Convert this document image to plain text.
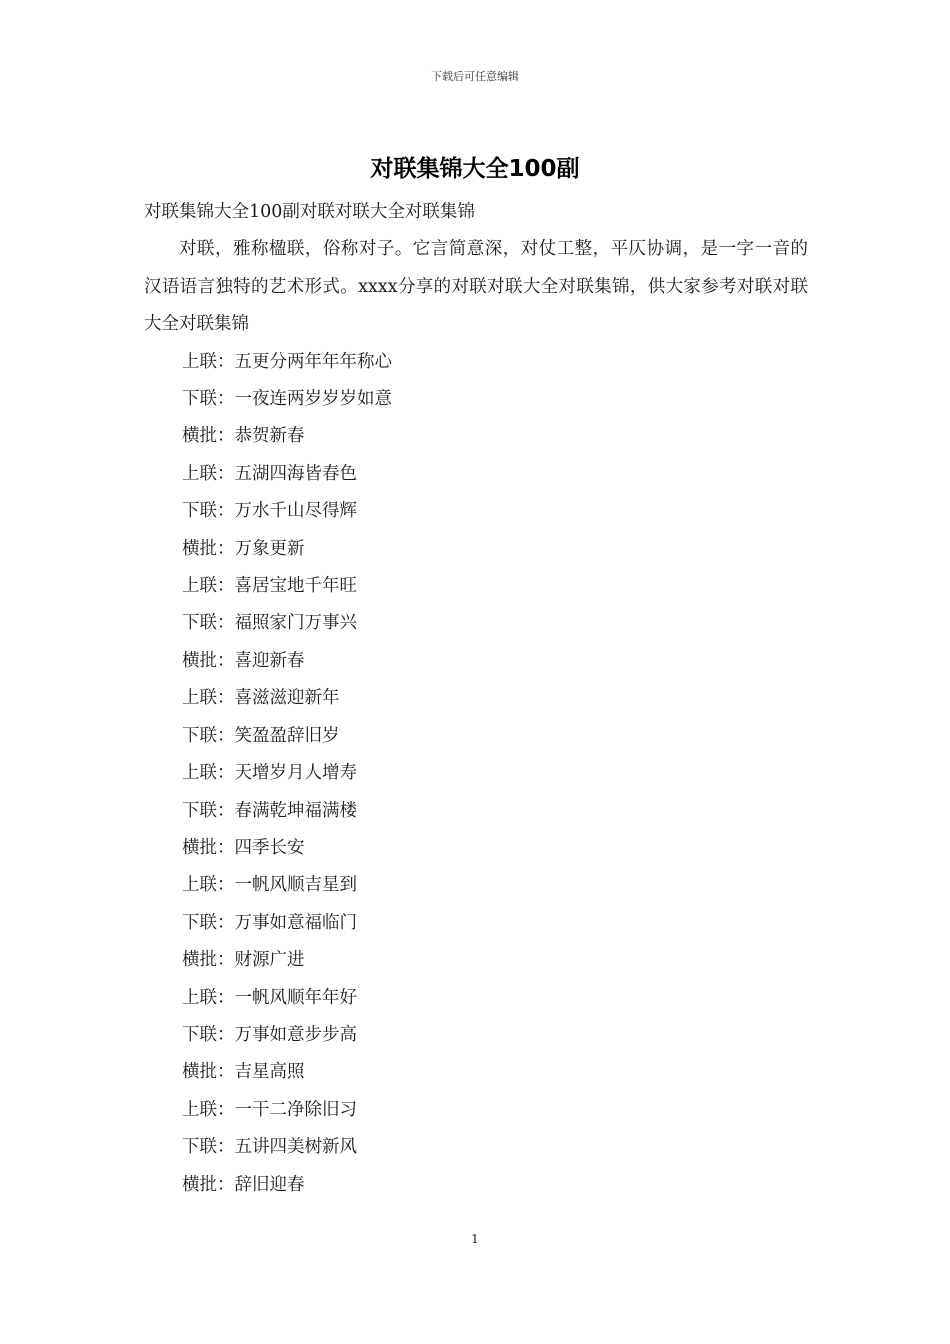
下载后可任意编辑
对联集锦大全100副

对联集锦大全100副对联对联大全对联集锦

对联，雅称楹联，俗称对子。它言简意深，对仗工整，平仄协调，是一字一音的汉语语言独特的艺术形式。xxxx分享的对联对联大全对联集锦，供大家参考对联对联大全对联集锦

上联：五更分两年年年称心

下联：一夜连两岁岁岁如意

横批：恭贺新春

上联：五湖四海皆春色

下联：万水千山尽得辉

横批：万象更新

上联：喜居宝地千年旺

下联：福照家门万事兴

横批：喜迎新春

上联：喜滋滋迎新年

下联：笑盈盈辞旧岁

上联：天增岁月人增寿

下联：春满乾坤福满楼

横批：四季长安

上联：一帆风顺吉星到

下联：万事如意福临门

横批：财源广进

上联：一帆风顺年年好

下联：万事如意步步高

横批：吉星高照

上联：一干二净除旧习

下联：五讲四美树新风

横批：辞旧迎春

1
